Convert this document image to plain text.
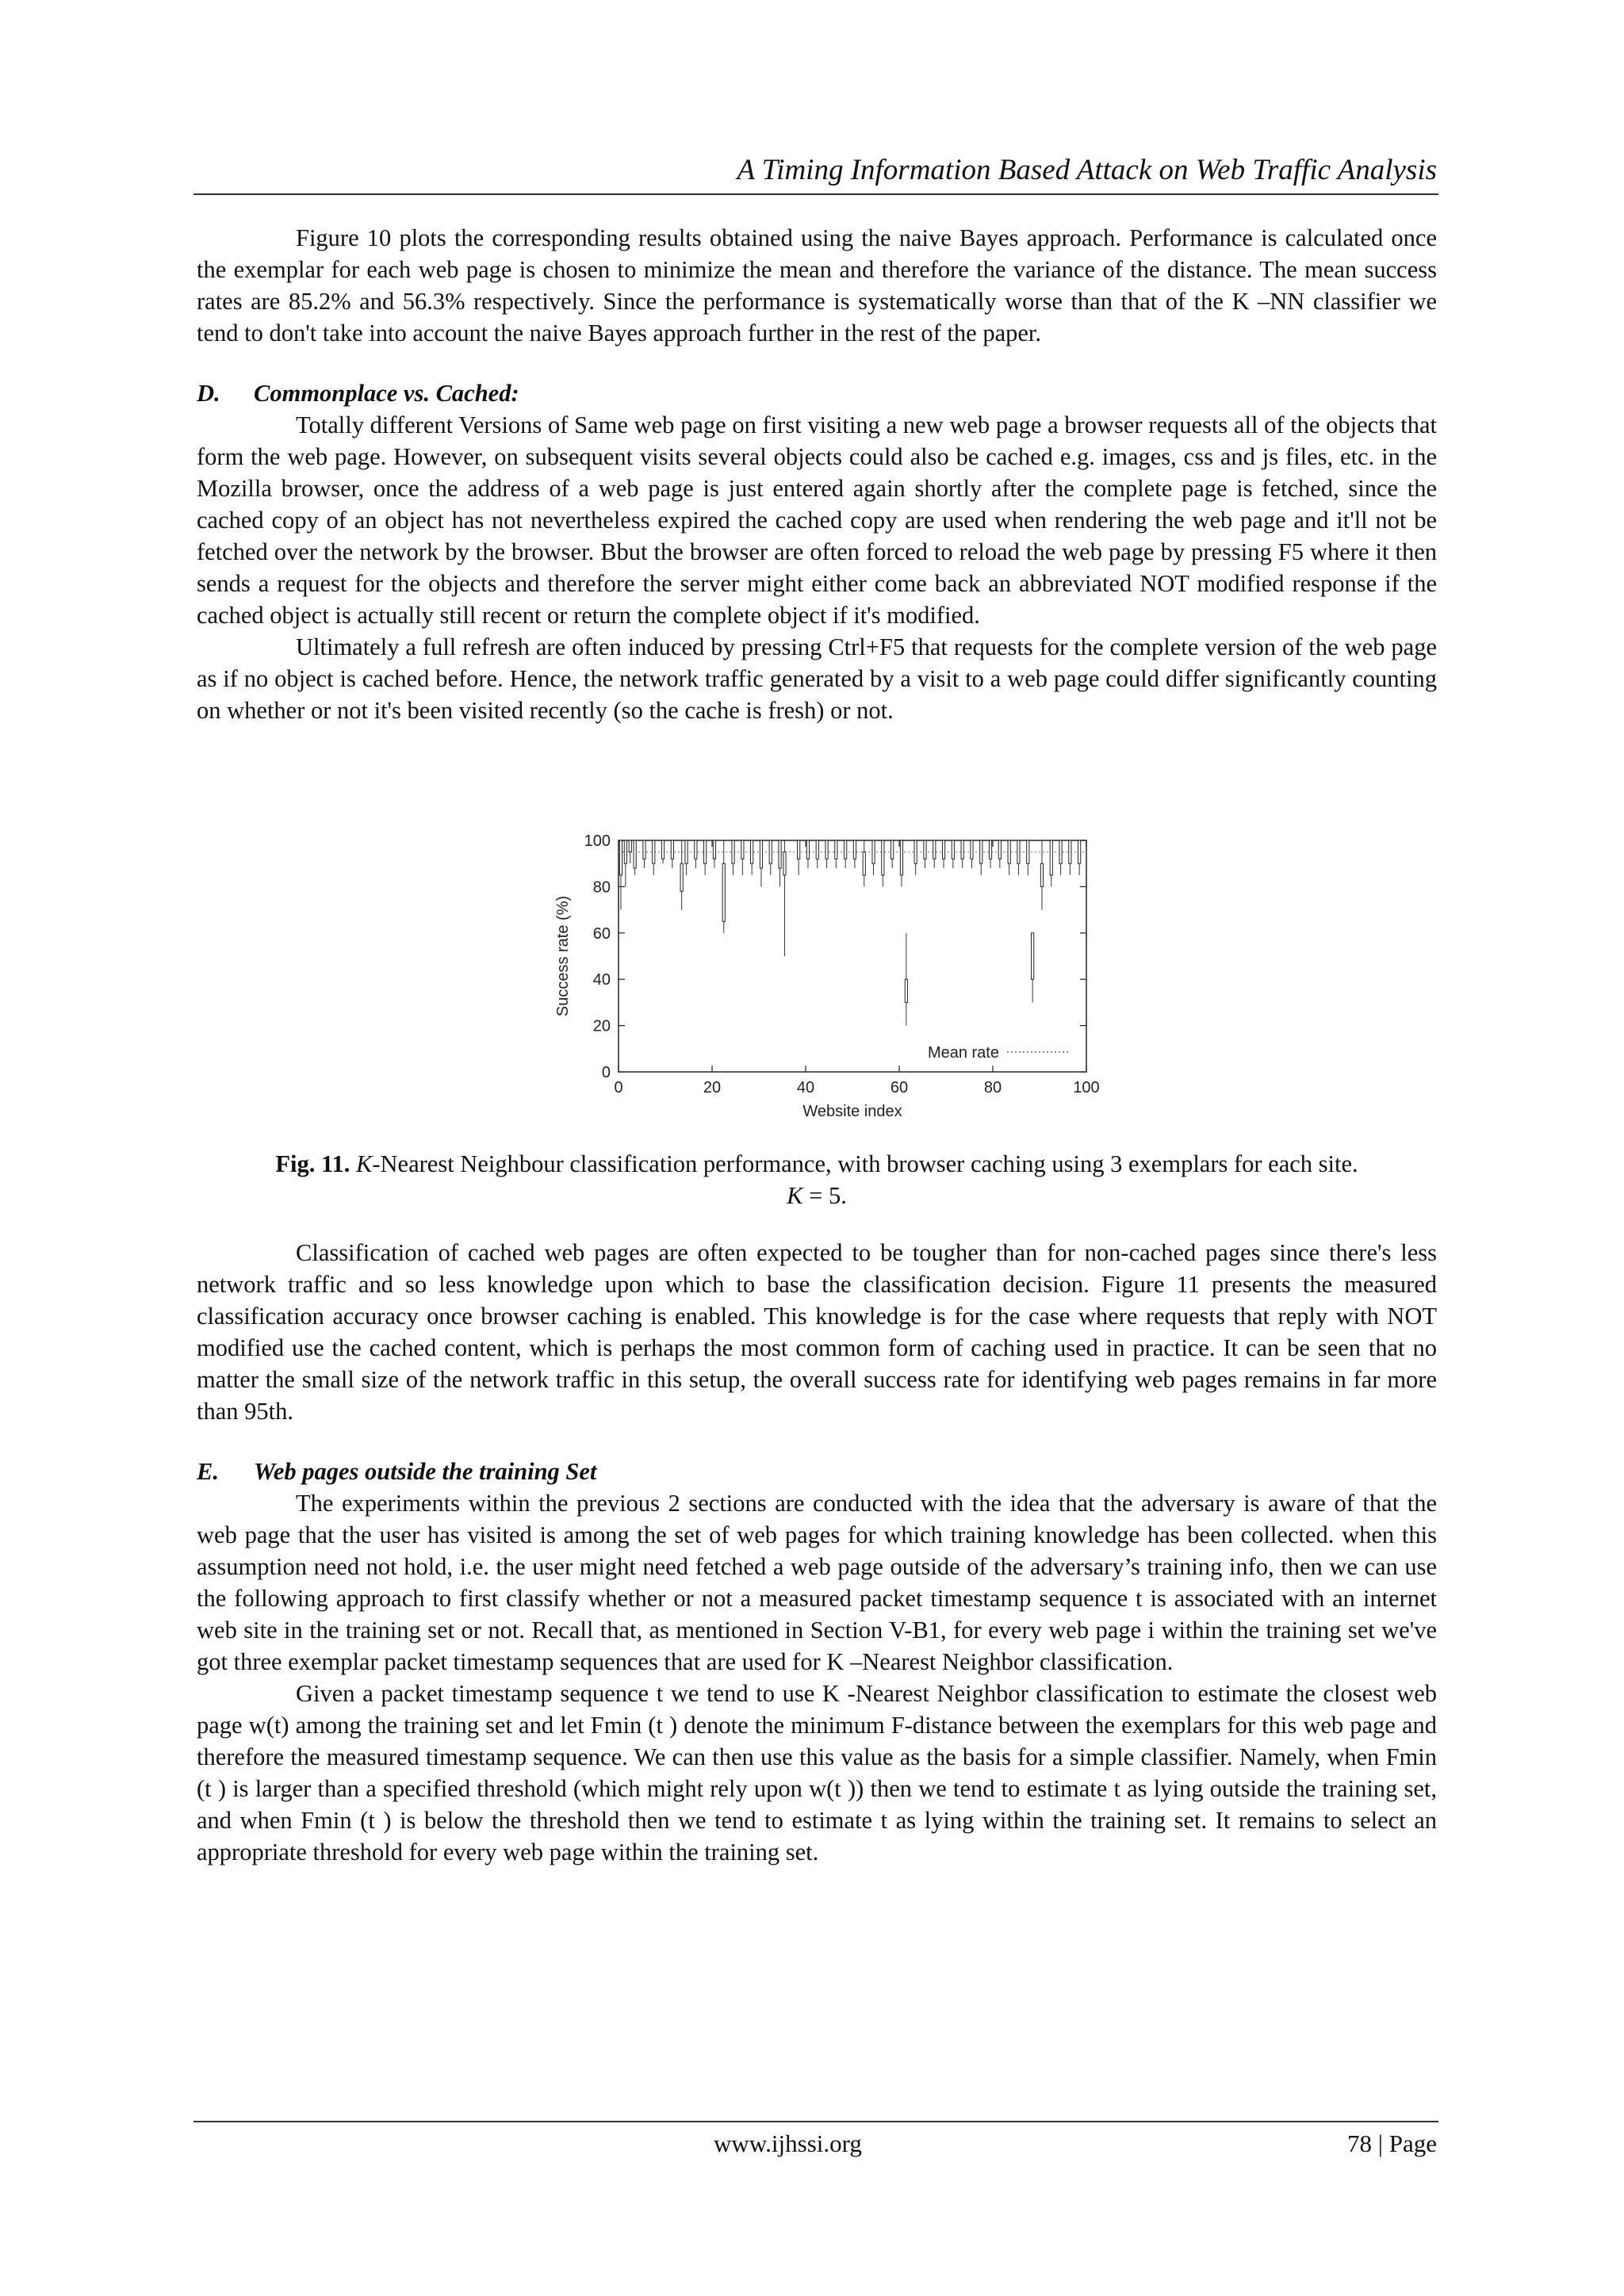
A Timing Information Based Attack on Web Traffic Analysis

Figure 10 plots the corresponding results obtained using the naive Bayes approach. Performance is calculated once the exemplar for each web page is chosen to minimize the mean and therefore the variance of the distance. The mean success rates are 85.2% and 56.3% respectively. Since the performance is systematically worse than that of the K –NN classifier we tend to don't take into account the naive Bayes approach further in the rest of the paper.

D. Commonplace vs. Cached:

Totally different Versions of Same web page on first visiting a new web page a browser requests all of the objects that form the web page. However, on subsequent visits several objects could also be cached e.g. images, css and js files, etc. in the Mozilla browser, once the address of a web page is just entered again shortly after the complete page is fetched, since the cached copy of an object has not nevertheless expired the cached copy are used when rendering the web page and it'll not be fetched over the network by the browser. Bbut the browser are often forced to reload the web page by pressing F5 where it then sends a request for the objects and therefore the server might either come back an abbreviated NOT modified response if the cached object is actually still recent or return the complete object if it's modified.

Ultimately a full refresh are often induced by pressing Ctrl+F5 that requests for the complete version of the web page as if no object is cached before. Hence, the network traffic generated by a visit to a web page could differ significantly counting on whether or not it's been visited recently (so the cache is fresh) or not.

0
20
40
60
80
100
0	20	40	60	80	100
Website index
Success rate (%)
Mean rate
Fig. 11. K-Nearest Neighbour classification performance, with browser caching using 3 exemplars for each site.
K = 5.

Classification of cached web pages are often expected to be tougher than for non-cached pages since there's less network traffic and so less knowledge upon which to base the classification decision. Figure 11 presents the measured classification accuracy once browser caching is enabled. This knowledge is for the case where requests that reply with NOT modified use the cached content, which is perhaps the most common form of caching used in practice. It can be seen that no matter the small size of the network traffic in this setup, the overall success rate for identifying web pages remains in far more than 95th.

E. Web pages outside the training Set

The experiments within the previous 2 sections are conducted with the idea that the adversary is aware of that the web page that the user has visited is among the set of web pages for which training knowledge has been collected. when this assumption need not hold, i.e. the user might need fetched a web page outside of the adversary’s training info, then we can use the following approach to first classify whether or not a measured packet timestamp sequence t is associated with an internet web site in the training set or not. Recall that, as mentioned in Section V-B1, for every web page i within the training set we've got three exemplar packet timestamp sequences that are used for K –Nearest Neighbor classification.

Given a packet timestamp sequence t we tend to use K -Nearest Neighbor classification to estimate the closest web page w(t) among the training set and let Fmin (t ) denote the minimum F-distance between the exemplars for this web page and therefore the measured timestamp sequence. We can then use this value as the basis for a simple classifier. Namely, when Fmin (t ) is larger than a specified threshold (which might rely upon w(t )) then we tend to estimate t as lying outside the training set, and when Fmin (t ) is below the threshold then we tend to estimate t as lying within the training set. It remains to select an appropriate threshold for every web page within the training set.

www.ijhssi.org	78 | Page
